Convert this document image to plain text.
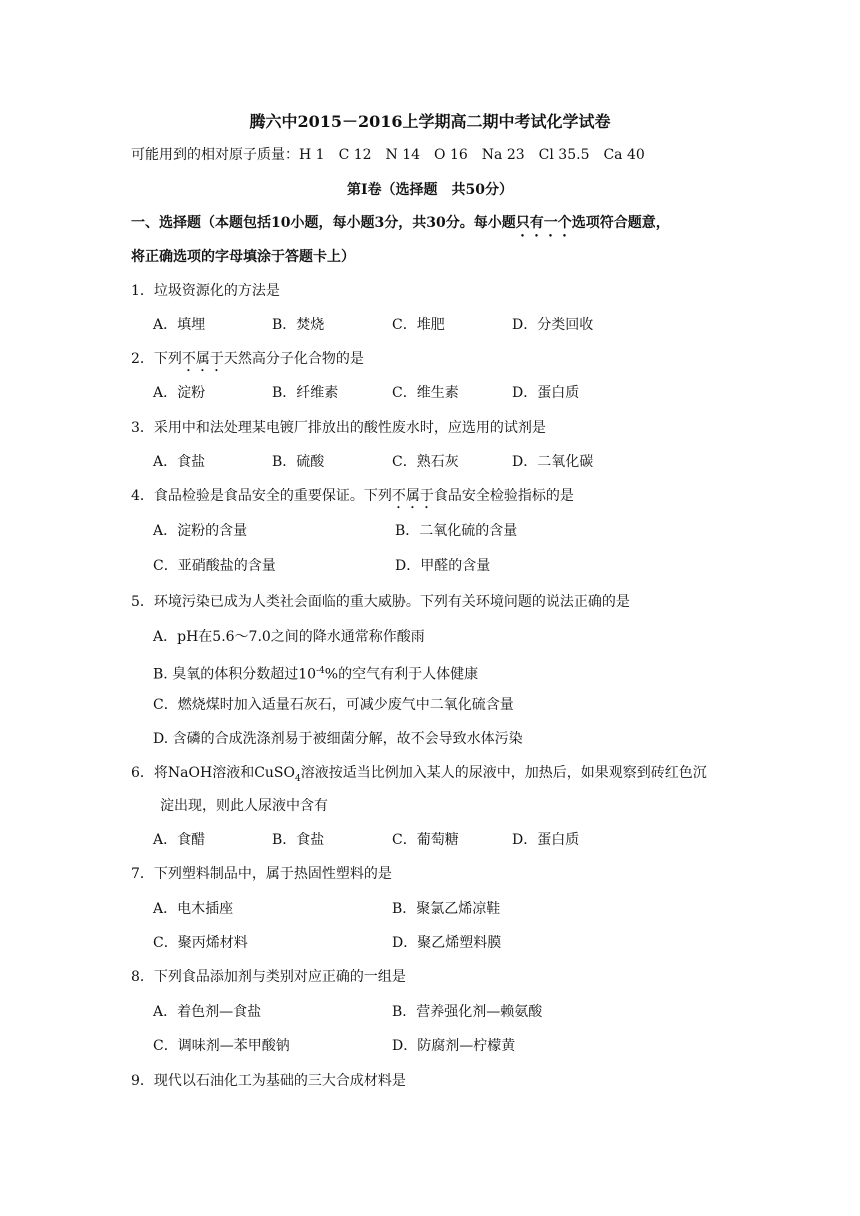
腾六中2015－2016上学期高二期中考试化学试卷
可能用到的相对原子质量：H 1　C 12　N 14　O 16　Na 23　Cl 35.5　Ca 40
第Ⅰ卷（选择题　共50分）
一、选择题（本题包括10小题，每小题3分，共30分。每小题只有一个选项符合题意，
将正确选项的字母填涂于答题卡上）
1．垃圾资源化的方法是
A．填埋	B．焚烧	C．堆肥	D．分类回收
2．下列不属于天然高分子化合物的是
A．淀粉	B．纤维素	C．维生素	D．蛋白质
3．采用中和法处理某电镀厂排放出的酸性废水时，应选用的试剂是
A．食盐	B．硫酸	C．熟石灰	D．二氧化碳
4．食品检验是食品安全的重要保证。下列不属于食品安全检验指标的是
A．淀粉的含量	B．二氧化硫的含量
C．亚硝酸盐的含量	D．甲醛的含量
5．环境污染已成为人类社会面临的重大威胁。下列有关环境问题的说法正确的是
A．pH在5.6～7.0之间的降水通常称作酸雨
B. 臭氧的体积分数超过$10^{-4}\%$的空气有利于人体健康
C．燃烧煤时加入适量石灰石，可减少废气中二氧化硫含量
D. 含磷的合成洗涤剂易于被细菌分解，故不会导致水体污染
6．将NaOH溶液和CuSO$_4$溶液按适当比例加入某人的尿液中，加热后，如果观察到砖红色沉
淀出现，则此人尿液中含有
A．食醋	B．食盐	C．葡萄糖	D．蛋白质
7．下列塑料制品中，属于热固性塑料的是
A．电木插座	B．聚氯乙烯凉鞋
C．聚丙烯材料	D．聚乙烯塑料膜
8．下列食品添加剂与类别对应正确的一组是
A．着色剂—食盐	B．营养强化剂—赖氨酸
C．调味剂—苯甲酸钠	D．防腐剂—柠檬黄
9．现代以石油化工为基础的三大合成材料是
